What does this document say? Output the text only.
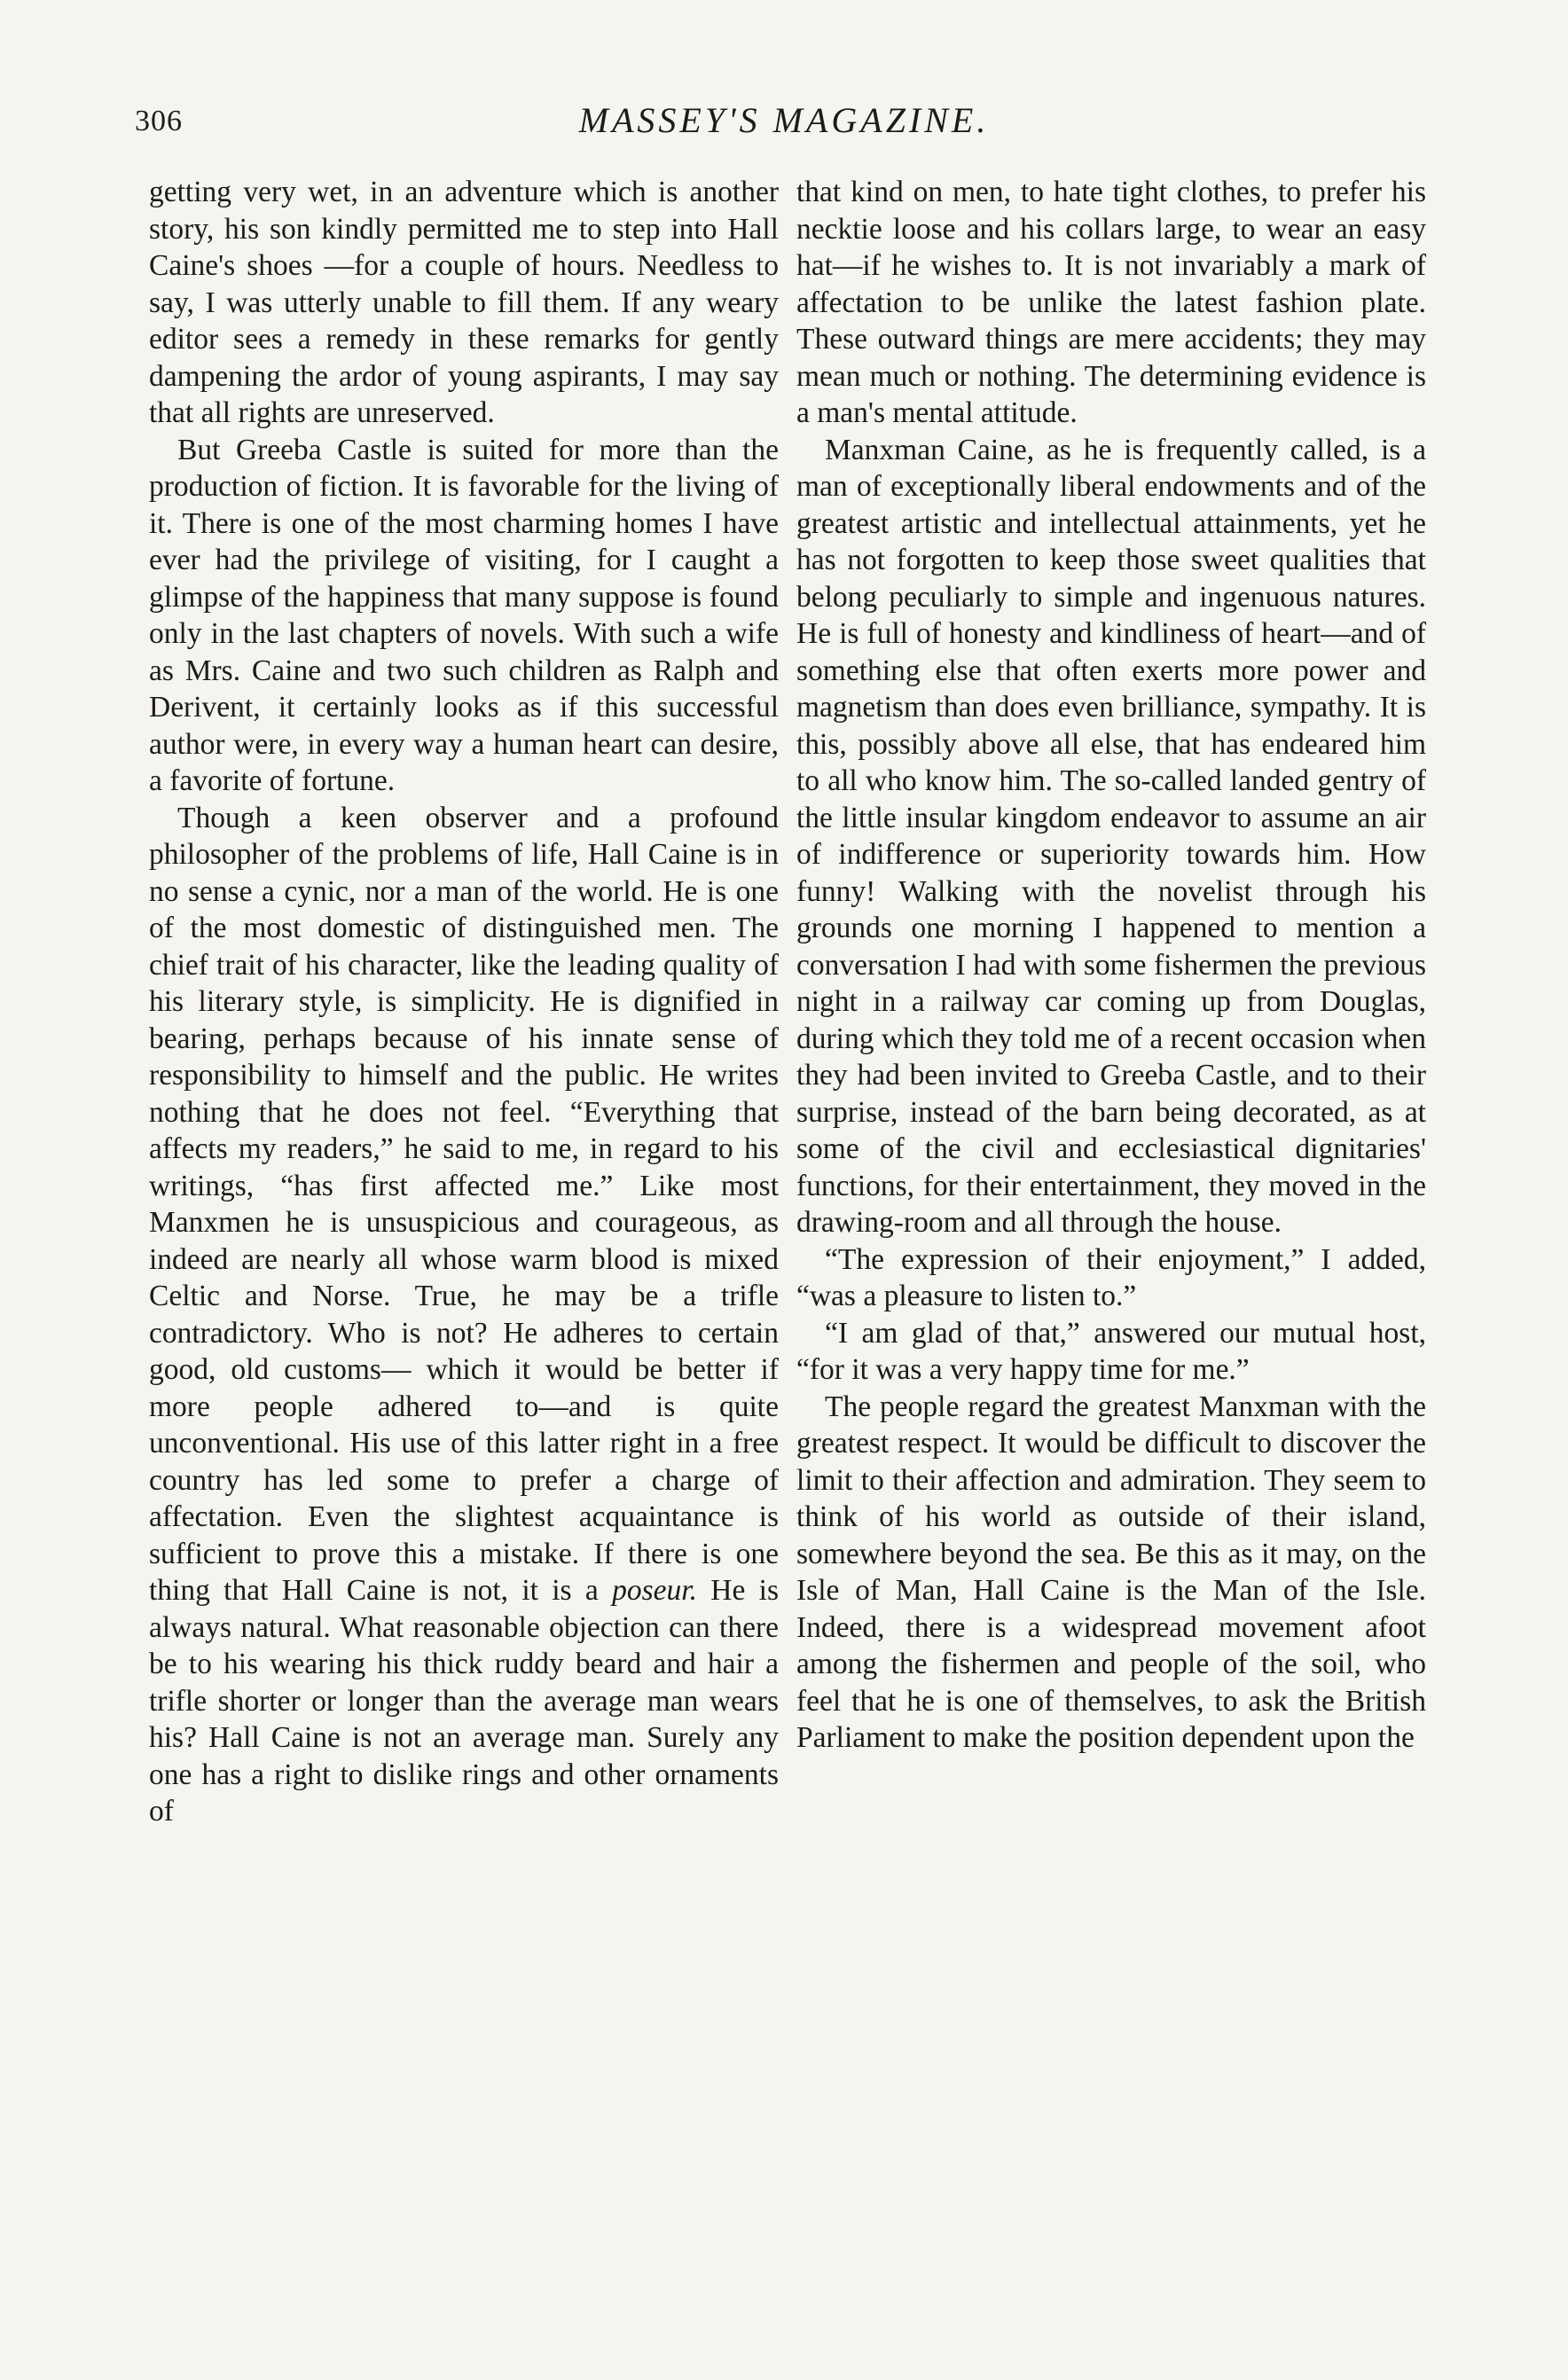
306	MASSEY'S MAGAZINE.

getting very wet, in an adventure which is another story, his son kindly permitted me to step into Hall Caine's shoes —for a couple of hours. Needless to say, I was utterly unable to fill them. If any weary editor sees a remedy in these remarks for gently dampening the ardor of young aspirants, I may say that all rights are unreserved.

But Greeba Castle is suited for more than the production of fiction. It is favorable for the living of it. There is one of the most charming homes I have ever had the privilege of visiting, for I caught a glimpse of the happiness that many suppose is found only in the last chapters of novels. With such a wife as Mrs. Caine and two such children as Ralph and Derivent, it certainly looks as if this successful author were, in every way a human heart can desire, a favorite of fortune.

Though a keen observer and a profound philosopher of the problems of life, Hall Caine is in no sense a cynic, nor a man of the world. He is one of the most domestic of distinguished men. The chief trait of his character, like the leading quality of his literary style, is simplicity. He is dignified in bearing, perhaps because of his innate sense of responsibility to himself and the public. He writes nothing that he does not feel. “Everything that affects my readers,” he said to me, in regard to his writings, “has first affected me.” Like most Manxmen he is unsuspicious and courageous, as indeed are nearly all whose warm blood is mixed Celtic and Norse. True, he may be a trifle contradictory. Who is not? He adheres to certain good, old customs— which it would be better if more people adhered to—and is quite unconventional. His use of this latter right in a free country has led some to prefer a charge of affectation. Even the slightest acquaintance is sufficient to prove this a mistake. If there is one thing that Hall Caine is not, it is a poseur. He is always natural. What reasonable objection can there be to his wearing his thick ruddy beard and hair a trifle shorter or longer than the average man wears his? Hall Caine is not an average man. Surely any one has a right to dislike rings and other ornaments of

that kind on men, to hate tight clothes, to prefer his necktie loose and his collars large, to wear an easy hat—if he wishes to. It is not invariably a mark of affectation to be unlike the latest fashion plate. These outward things are mere accidents; they may mean much or nothing. The determining evidence is a man's mental attitude.

Manxman Caine, as he is frequently called, is a man of exceptionally liberal endowments and of the greatest artistic and intellectual attainments, yet he has not forgotten to keep those sweet qualities that belong peculiarly to simple and ingenuous natures. He is full of honesty and kindliness of heart—and of something else that often exerts more power and magnetism than does even brilliance, sympathy. It is this, possibly above all else, that has endeared him to all who know him. The so-called landed gentry of the little insular kingdom endeavor to assume an air of indifference or superiority towards him. How funny! Walking with the novelist through his grounds one morning I happened to mention a conversation I had with some fishermen the previous night in a railway car coming up from Douglas, during which they told me of a recent occasion when they had been invited to Greeba Castle, and to their surprise, instead of the barn being decorated, as at some of the civil and ecclesiastical dignitaries' functions, for their entertainment, they moved in the drawing-room and all through the house.

“The expression of their enjoyment,” I added, “was a pleasure to listen to.”

“I am glad of that,” answered our mutual host, “for it was a very happy time for me.”

The people regard the greatest Manxman with the greatest respect. It would be difficult to discover the limit to their affection and admiration. They seem to think of his world as outside of their island, somewhere beyond the sea. Be this as it may, on the Isle of Man, Hall Caine is the Man of the Isle. Indeed, there is a widespread movement afoot among the fishermen and people of the soil, who feel that he is one of themselves, to ask the British Parliament to make the position dependent upon the
